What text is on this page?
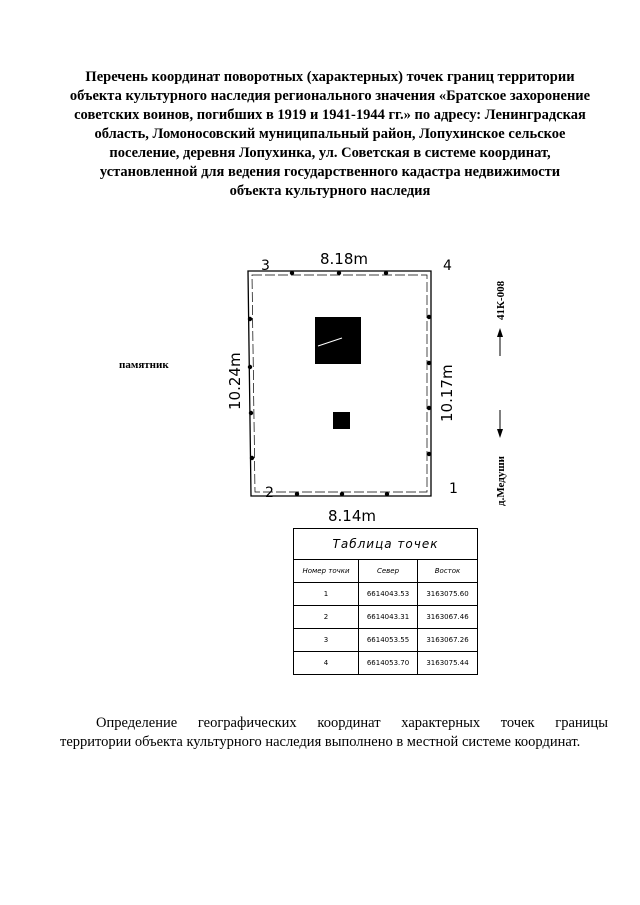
Перечень координат поворотных (характерных) точек границ территории
объекта культурного наследия регионального значения «Братское захоронение
советских воинов, погибших в 1919 и 1941-1944 гг.» по адресу: Ленинградская
область, Ломоносовский муниципальный район, Лопухинское сельское
поселение, деревня Лопухинка, ул. Советская в системе координат,
установленной для ведения государственного кадастра недвижимости
объекта культурного наследия
3	4
2	1
8.18m
8.14m
10.24m	10.17m
41К-008
д.Медуши
памятник
Таблица точек		
Номер точки	Север	Восток
1	6614043.53	3163075.60
2	6614043.31	3163067.46
3	6614053.55	3163067.26
4	6614053.70	3163075.44
Определение географических координат характерных точек границы
территории объекта культурного наследия выполнено в местной системе координат.
